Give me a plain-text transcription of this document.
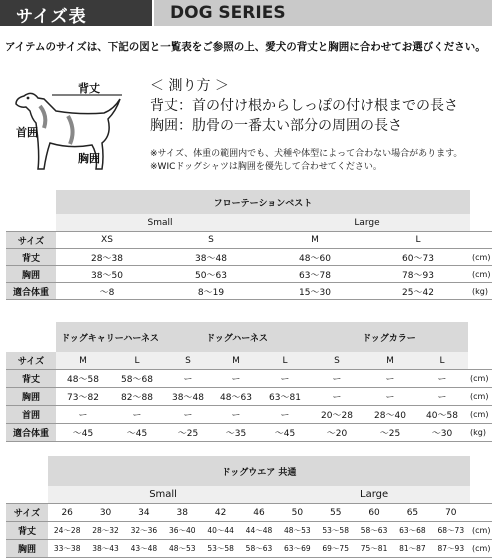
サイズ表	DOG SERIES
アイテムのサイズは、下記の図と一覧表をご参照の上、愛犬の背丈と胸囲に合わせてお選びください。
背丈
首囲
胸囲
＜ 測り方 ＞
背丈：首の付け根からしっぽの付け根までの長さ
胸囲：肋骨の一番太い部分の周囲の長さ
※サイズ、体重の範囲内でも、犬種や体型によって合わない場合があります。
※WICドッグシャツは胸囲を優先して合わせてください。
	フローテーションベスト				
	Small		Large		
サイズ	XS	S	M	L	
背丈	28〜38	38〜48	48〜60	60〜73	(cm)
胸囲	38〜50	50〜63	63〜78	78〜93	(cm)
適合体重	〜8	8〜19	15〜30	25〜42	(kg)
	ドッグキャリーハーネス		ドッグハーネス			ドッグカラー			
サイズ	M	L	S	M	L	S	M	L	
背丈	48〜58	58〜68	ー	ー	ー	ー	ー	ー	(cm)
胸囲	73〜82	82〜88	38〜48	48〜63	63〜81	ー	ー	ー	(cm)
首囲	ー	ー	ー	ー	ー	20〜28	28〜40	40〜58	(cm)
適合体重	〜45	〜45	〜25	〜35	〜45	〜20	〜25	〜30	(kg)
	ドッグウエア 共通											
	Small						Large					
サイズ	26	30	34	38	42	46	50	55	60	65	70	
背丈	24〜28	28〜32	32〜36	36〜40	40〜44	44〜48	48〜53	53〜58	58〜63	63〜68	68〜73	(cm)
胸囲	33〜38	38〜43	43〜48	48〜53	53〜58	58〜63	63〜69	69〜75	75〜81	81〜87	87〜93	(cm)
